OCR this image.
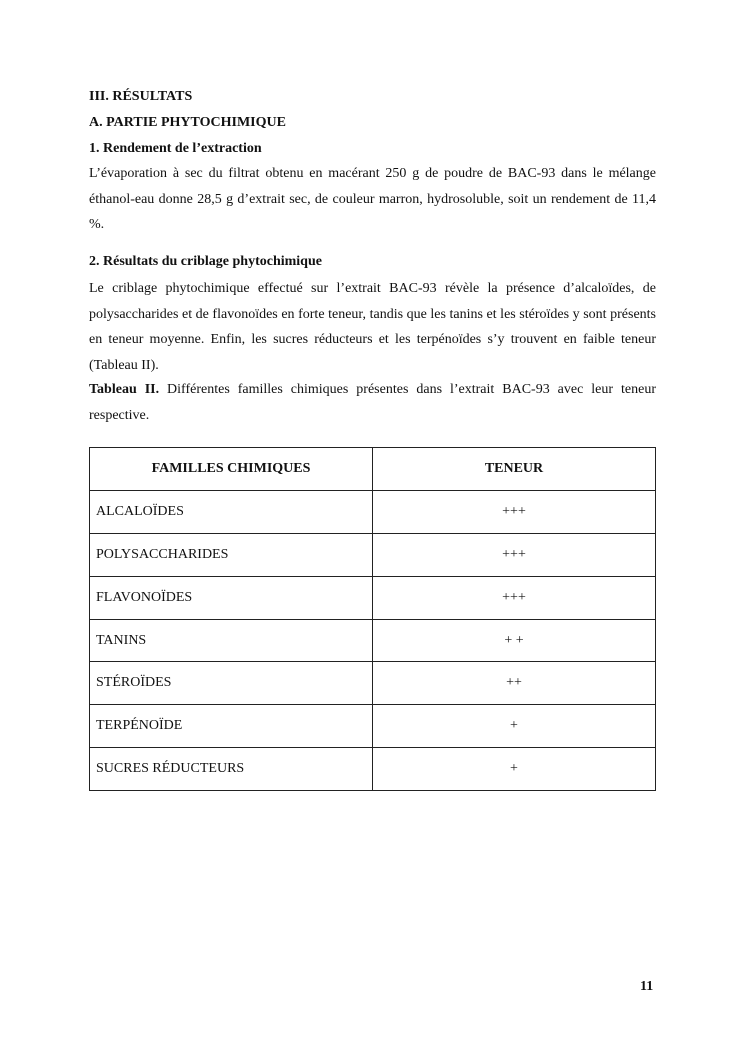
III. RÉSULTATS
A. PARTIE PHYTOCHIMIQUE
1. Rendement de l’extraction
L’évaporation à sec du filtrat obtenu en macérant 250 g de poudre de BAC-93 dans le mélange éthanol-eau donne 28,5 g d’extrait sec, de couleur marron, hydrosoluble, soit un rendement de 11,4 %.
2. Résultats du criblage phytochimique
Le criblage phytochimique effectué sur l’extrait BAC-93 révèle la présence d’alcaloïdes, de polysaccharides et de flavonoïdes en forte teneur, tandis que les tanins et les stéroïdes y sont présents en teneur moyenne. Enfin, les sucres réducteurs et les terpénoïdes s’y trouvent en faible teneur (Tableau II).
Tableau II. Différentes familles chimiques présentes dans l’extrait BAC-93 avec leur teneur respective.
FAMILLES CHIMIQUES	TENEUR
ALCALOÏDES	+++
POLYSACCHARIDES	+++
FLAVONOÏDES	+++
TANINS	+ +
STÉROÏDES	++
TERPÉNOÏDE	+
SUCRES RÉDUCTEURS	+
11
